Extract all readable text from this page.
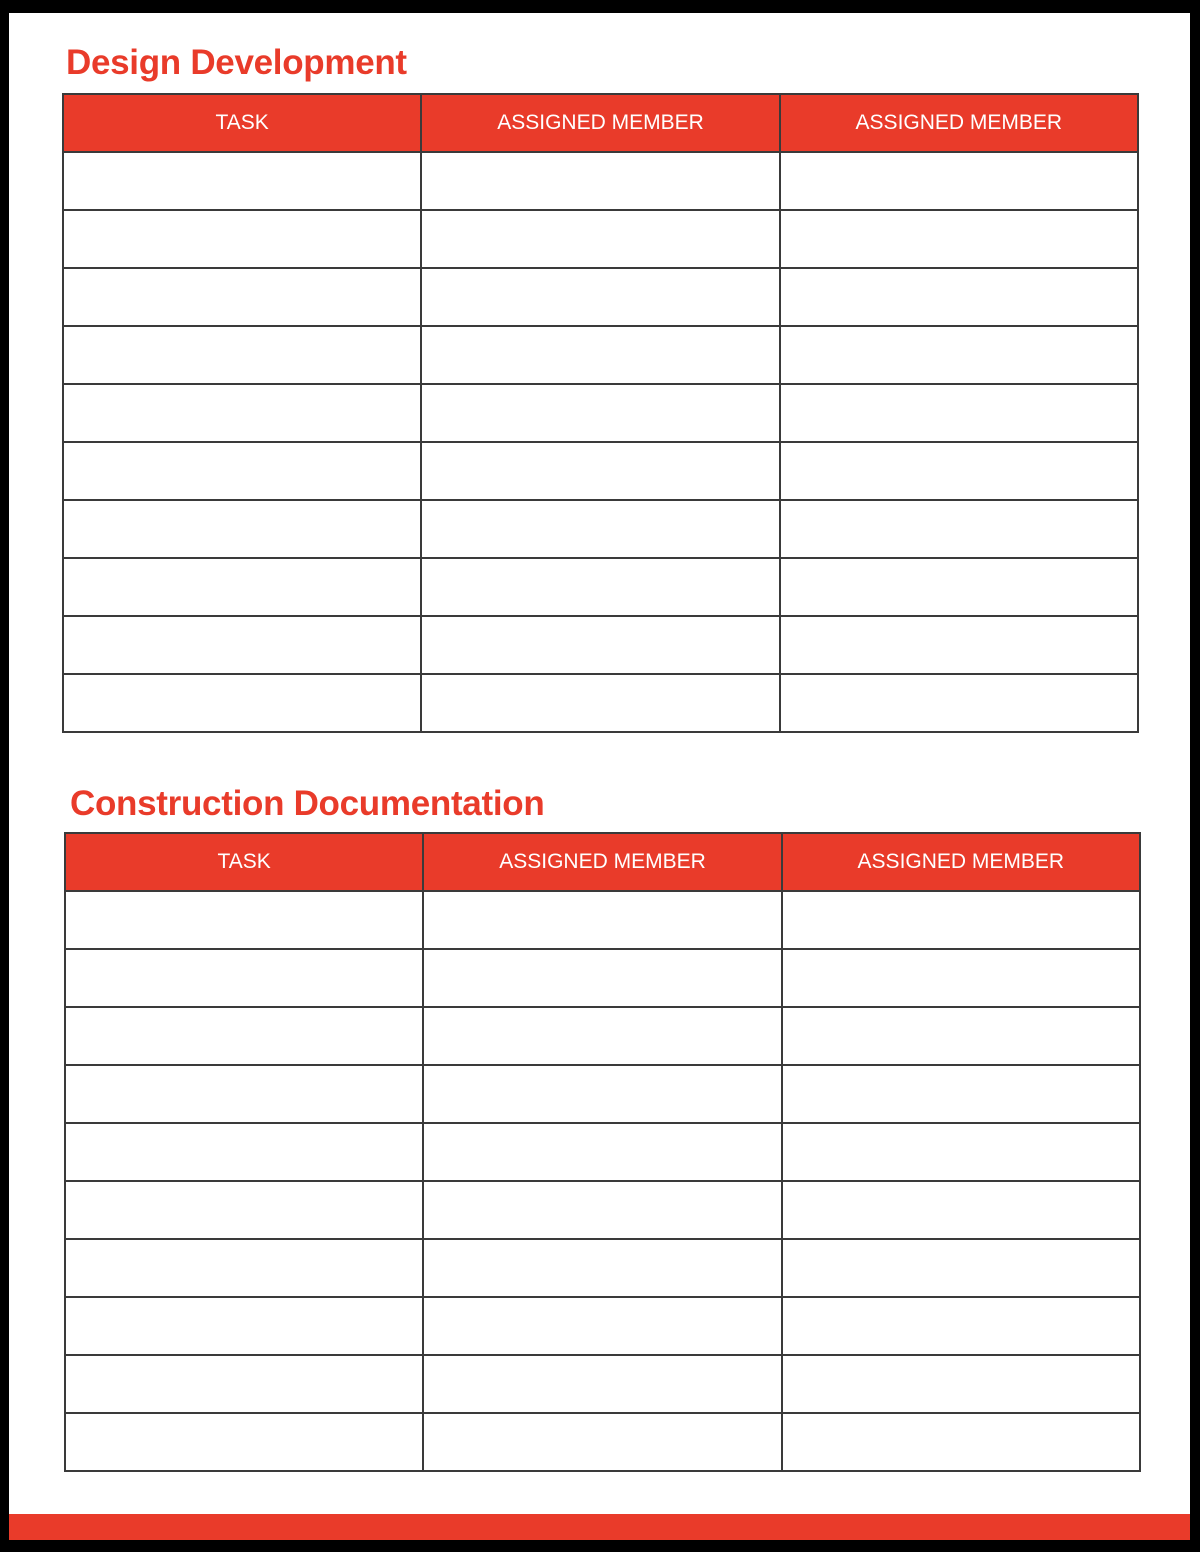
Design Development
TASK	ASSIGNED MEMBER	ASSIGNED MEMBER

Construction Documentation
TASK	ASSIGNED MEMBER	ASSIGNED MEMBER
